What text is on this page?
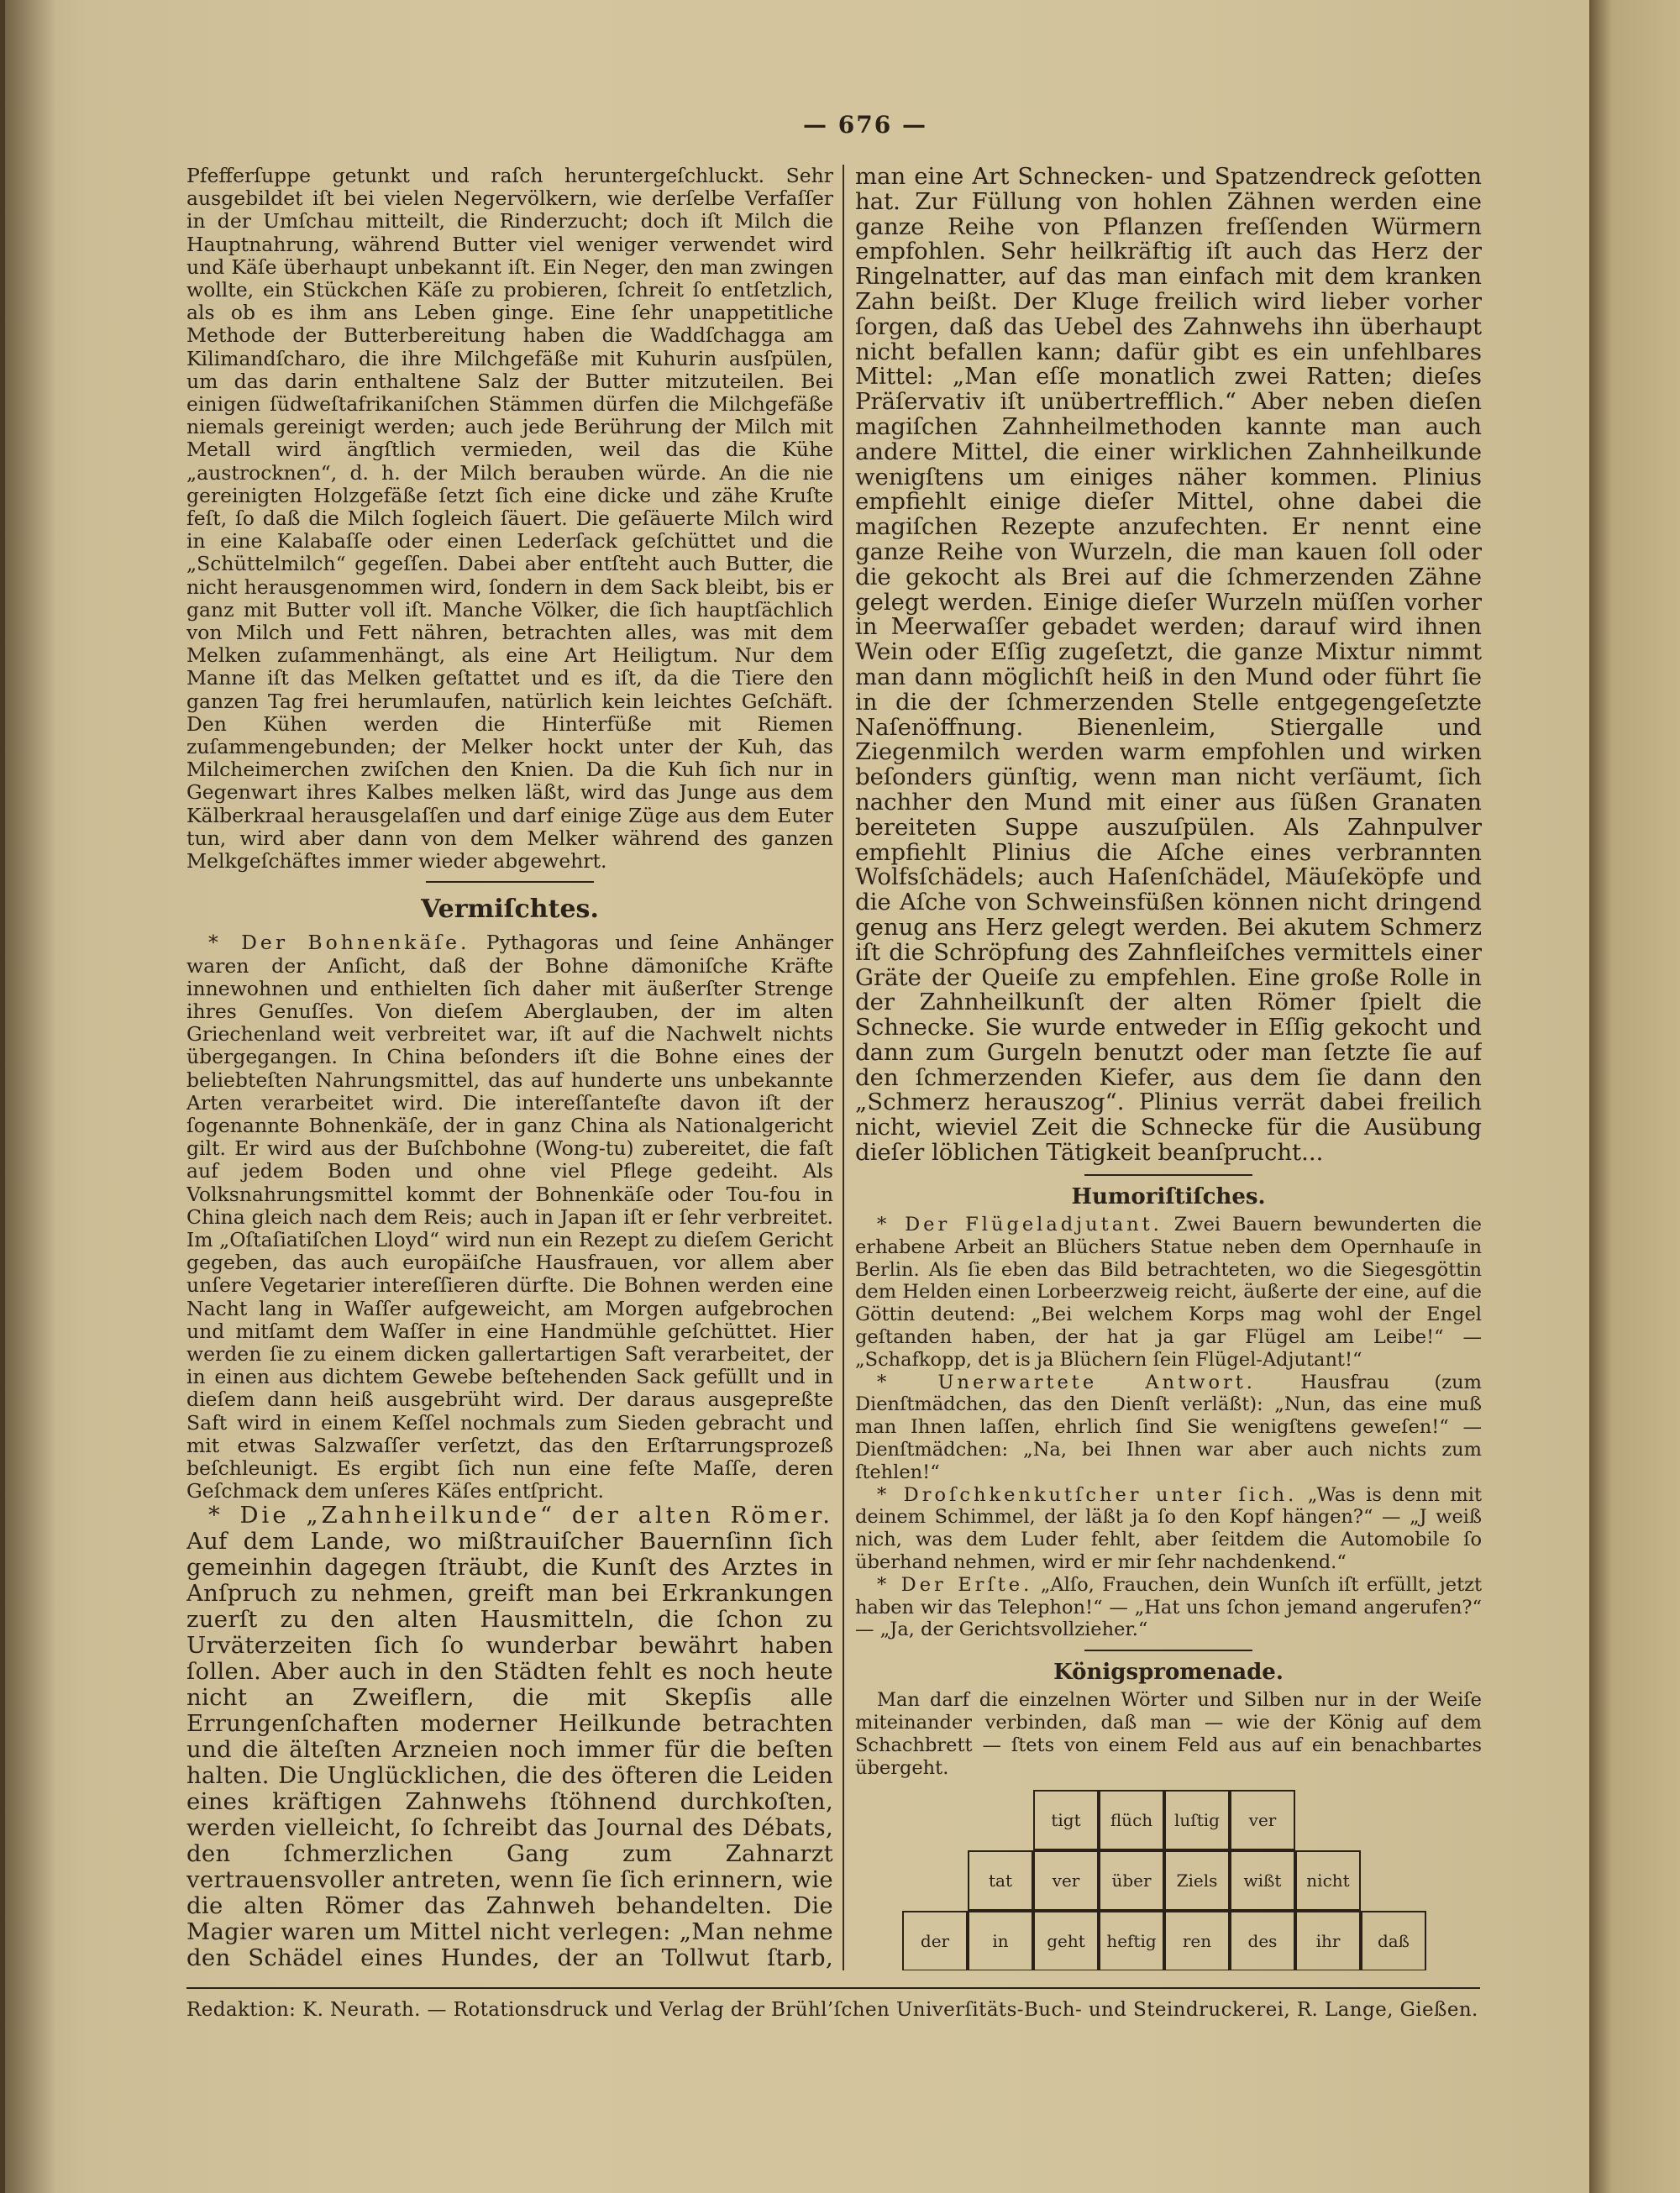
— 676 —

Pfefferſuppe getunkt und raſch heruntergeſchluckt. Sehr ausgebildet iſt bei vielen Negervölkern, wie derſelbe Verfaſſer in der Umſchau mitteilt, die Rinderzucht; doch iſt Milch die Hauptnahrung, während Butter viel weniger verwendet wird und Käſe überhaupt unbekannt iſt. Ein Neger, den man zwingen wollte, ein Stückchen Käſe zu probieren, ſchreit ſo entſetzlich, als ob es ihm ans Leben ginge. Eine ſehr unappetitliche Methode der Butterbereitung haben die Waddſchagga am Kilimandſcharo, die ihre Milchgefäße mit Kuhurin ausſpülen, um das darin enthaltene Salz der Butter mitzuteilen. Bei einigen ſüdweſtafrikaniſchen Stämmen dürfen die Milchgefäße niemals gereinigt werden; auch jede Berührung der Milch mit Metall wird ängſtlich vermieden, weil das die Kühe „austrocknen“, d. h. der Milch berauben würde. An die nie gereinigten Holzgefäße ſetzt ſich eine dicke und zähe Kruſte feſt, ſo daß die Milch ſogleich ſäuert. Die geſäuerte Milch wird in eine Kalabaſſe oder einen Lederſack geſchüttet und die „Schüttelmilch“ gegeſſen. Dabei aber entſteht auch Butter, die nicht herausgenommen wird, ſondern in dem Sack bleibt, bis er ganz mit Butter voll iſt. Manche Völker, die ſich hauptſächlich von Milch und Fett nähren, betrachten alles, was mit dem Melken zuſammenhängt, als eine Art Heiligtum. Nur dem Manne iſt das Melken geſtattet und es iſt, da die Tiere den ganzen Tag frei herumlaufen, natürlich kein leichtes Geſchäft. Den Kühen werden die Hinterfüße mit Riemen zuſammengebunden; der Melker hockt unter der Kuh, das Milcheimerchen zwiſchen den Knien. Da die Kuh ſich nur in Gegenwart ihres Kalbes melken läßt, wird das Junge aus dem Kälberkraal herausgelaſſen und darf einige Züge aus dem Euter tun, wird aber dann von dem Melker während des ganzen Melkgeſchäftes immer wieder abgewehrt.

Vermiſchtes.

* Der Bohnenkäſe. Pythagoras und ſeine Anhänger waren der Anſicht, daß der Bohne dämoniſche Kräfte innewohnen und enthielten ſich daher mit äußerſter Strenge ihres Genuſſes. Von dieſem Aberglauben, der im alten Griechenland weit verbreitet war, iſt auf die Nachwelt nichts übergegangen. In China beſonders iſt die Bohne eines der beliebteſten Nahrungsmittel, das auf hunderte uns unbekannte Arten verarbeitet wird. Die intereſſanteſte davon iſt der ſogenannte Bohnenkäſe, der in ganz China als Nationalgericht gilt. Er wird aus der Buſchbohne (Wong-tu) zubereitet, die faſt auf jedem Boden und ohne viel Pflege gedeiht. Als Volksnahrungsmittel kommt der Bohnenkäſe oder Tou-fou in China gleich nach dem Reis; auch in Japan iſt er ſehr verbreitet. Im „Oſtaſiatiſchen Lloyd“ wird nun ein Rezept zu dieſem Gericht gegeben, das auch europäiſche Hausfrauen, vor allem aber unſere Vegetarier intereſſieren dürfte. Die Bohnen werden eine Nacht lang in Waſſer aufgeweicht, am Morgen aufgebrochen und mitſamt dem Waſſer in eine Handmühle geſchüttet. Hier werden ſie zu einem dicken gallertartigen Saft verarbeitet, der in einen aus dichtem Gewebe beſtehenden Sack gefüllt und in dieſem dann heiß ausgebrüht wird. Der daraus ausgepreßte Saft wird in einem Keſſel nochmals zum Sieden gebracht und mit etwas Salzwaſſer verſetzt, das den Erſtarrungsprozeß beſchleunigt. Es ergibt ſich nun eine feſte Maſſe, deren Geſchmack dem unſeres Käſes entſpricht.

* Die „Zahnheilkunde“ der alten Römer. Auf dem Lande, wo mißtrauiſcher Bauernſinn ſich gemeinhin dagegen ſträubt, die Kunſt des Arztes in Anſpruch zu nehmen, greift man bei Erkrankungen zuerſt zu den alten Hausmitteln, die ſchon zu Urväterzeiten ſich ſo wunderbar bewährt haben ſollen. Aber auch in den Städten fehlt es noch heute nicht an Zweiflern, die mit Skepſis alle Errungenſchaften moderner Heilkunde betrachten und die älteſten Arzneien noch immer für die beſten halten. Die Unglücklichen, die des öfteren die Leiden eines kräftigen Zahnwehs ſtöhnend durchkoſten, werden vielleicht, ſo ſchreibt das Journal des Débats, den ſchmerzlichen Gang zum Zahnarzt vertrauensvoller antreten, wenn ſie ſich erinnern, wie die alten Römer das Zahnweh behandelten. Die Magier waren um Mittel nicht verlegen: „Man nehme den Schädel eines Hundes, der an Tollwut ſtarb,

man eine Art Schnecken- und Spatzendreck geſotten hat. Zur Füllung von hohlen Zähnen werden eine ganze Reihe von Pflanzen freſſenden Würmern empfohlen. Sehr heilkräftig iſt auch das Herz der Ringelnatter, auf das man einfach mit dem kranken Zahn beißt. Der Kluge freilich wird lieber vorher ſorgen, daß das Uebel des Zahnwehs ihn überhaupt nicht befallen kann; dafür gibt es ein unfehlbares Mittel: „Man eſſe monatlich zwei Ratten; dieſes Präſervativ iſt unübertrefflich.“ Aber neben dieſen magiſchen Zahnheilmethoden kannte man auch andere Mittel, die einer wirklichen Zahnheilkunde wenigſtens um einiges näher kommen. Plinius empfiehlt einige dieſer Mittel, ohne dabei die magiſchen Rezepte anzufechten. Er nennt eine ganze Reihe von Wurzeln, die man kauen ſoll oder die gekocht als Brei auf die ſchmerzenden Zähne gelegt werden. Einige dieſer Wurzeln müſſen vorher in Meerwaſſer gebadet werden; darauf wird ihnen Wein oder Eſſig zugeſetzt, die ganze Mixtur nimmt man dann möglichſt heiß in den Mund oder führt ſie in die der ſchmerzenden Stelle entgegengeſetzte Naſenöffnung. Bienenleim, Stiergalle und Ziegenmilch werden warm empfohlen und wirken beſonders günſtig, wenn man nicht verſäumt, ſich nachher den Mund mit einer aus ſüßen Granaten bereiteten Suppe auszuſpülen. Als Zahnpulver empfiehlt Plinius die Aſche eines verbrannten Wolfsſchädels; auch Haſenſchädel, Mäuſeköpfe und die Aſche von Schweinsfüßen können nicht dringend genug ans Herz gelegt werden. Bei akutem Schmerz iſt die Schröpfung des Zahnfleiſches vermittels einer Gräte der Queiſe zu empfehlen. Eine große Rolle in der Zahnheilkunſt der alten Römer ſpielt die Schnecke. Sie wurde entweder in Eſſig gekocht und dann zum Gurgeln benutzt oder man ſetzte ſie auf den ſchmerzenden Kiefer, aus dem ſie dann den „Schmerz herauszog“. Plinius verrät dabei freilich nicht, wieviel Zeit die Schnecke für die Ausübung dieſer löblichen Tätigkeit beanſprucht...

Humoriſtiſches.

* Der Flügeladjutant. Zwei Bauern bewunderten die erhabene Arbeit an Blüchers Statue neben dem Opernhauſe in Berlin. Als ſie eben das Bild betrachteten, wo die Siegesgöttin dem Helden einen Lorbeerzweig reicht, äußerte der eine, auf die Göttin deutend: „Bei welchem Korps mag wohl der Engel geſtanden haben, der hat ja gar Flügel am Leibe!“ — „Schafkopp, det is ja Blüchern ſein Flügel-Adjutant!“

* Unerwartete Antwort. Hausfrau (zum Dienſtmädchen, das den Dienſt verläßt): „Nun, das eine muß man Ihnen laſſen, ehrlich ſind Sie wenigſtens geweſen!“ — Dienſtmädchen: „Na, bei Ihnen war aber auch nichts zum ſtehlen!“

* Droſchkenkutſcher unter ſich. „Was is denn mit deinem Schimmel, der läßt ja ſo den Kopf hängen?“ — „J weiß nich, was dem Luder fehlt, aber ſeitdem die Automobile ſo überhand nehmen, wird er mir ſehr nachdenkend.“

* Der Erſte. „Alſo, Frauchen, dein Wunſch iſt erfüllt, jetzt haben wir das Telephon!“ — „Hat uns ſchon jemand angerufen?“ — „Ja, der Gerichtsvollzieher.“

Königspromenade.

Man darf die einzelnen Wörter und Silben nur in der Weiſe miteinander verbinden, daß man — wie der König auf dem Schachbrett — ſtets von einem Feld aus auf ein benachbartes übergeht.

tigt	flüch	luſtig	ver
tat	ver	über	Ziels	wißt	nicht
der	in	geht	heftig	ren	des	ihr	daß
Redaktion: K. Neurath. — Rotationsdruck und Verlag der Brühl’ſchen Univerſitäts-Buch- und Steindruckerei, R. Lange, Gießen.
